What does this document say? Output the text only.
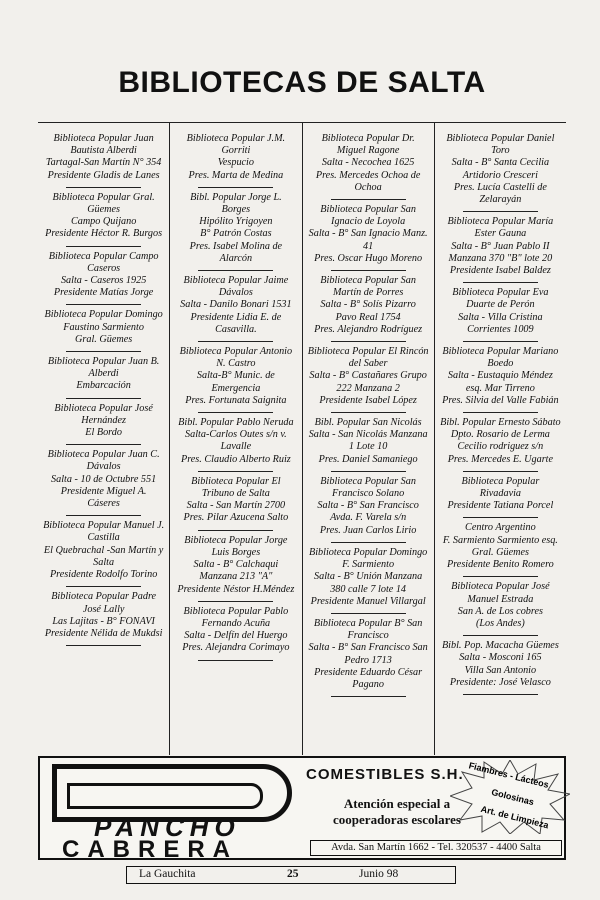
BIBLIOTECAS DE SALTA

Biblioteca Popular Juan

Bautista Alberdi

Tartagal-San Martín N° 354

Presidente Gladis de Lanes

Biblioteca Popular Gral.

Güemes

Campo Quijano

Presidente Héctor R. Burgos

Biblioteca Popular Campo

Caseros

Salta - Caseros 1925

Presidente Matías Jorge

Biblioteca Popular Domingo

Faustino Sarmiento

Gral. Güemes

Biblioteca Popular Juan B.

Alberdi

Embarcación

Biblioteca Popular José

Hernández

El Bordo

Biblioteca Popular Juan C.

Dávalos

Salta - 10 de Octubre 551

Presidente Miguel A.

Cáseres

Biblioteca Popular Manuel J.

Castilla

El Quebrachal -San Martín y

Salta

Presidente Rodolfo Torino

Biblioteca Popular Padre

José Lally

Las Lajitas - B° FONAVI

Presidente Nélida de Mukdsi

Biblioteca Popular J.M.

Gorriti

Vespucio

Pres. Marta de Medina

Bibl. Popular Jorge L.

Borges

Hipólito Yrigoyen

B° Patrón Costas

Pres. Isabel Molina de

Alarcón

Biblioteca Popular Jaime

Dávalos

Salta - Danilo Bonari 1531

Presidente Lidia E. de

Casavilla.

Biblioteca Popular Antonio

N. Castro

Salta-B° Munic. de

Emergencia

Pres. Fortunata Saignita

Bibl. Popular Pablo Neruda

Salta-Carlos Outes s/n v.

Lavalle

Pres. Claudio Alberto Ruiz

Biblioteca Popular El

Tribuno de Salta

Salta - San Martín 2700

Pres. Pilar Azucena Salto

Biblioteca Popular Jorge

Luis Borges

Salta - B° Calchaqui

Manzana 213 "A"

Presidente Néstor H.Méndez

Biblioteca Popular Pablo

Fernando Acuña

Salta - Delfín del Huergo

Pres. Alejandra Corimayo

Biblioteca Popular Dr.

Miguel Ragone

Salta - Necochea 1625

Pres. Mercedes Ochoa de

Ochoa

Biblioteca Popular San

Ignacio de Loyola

Salta - B° San Ignacio Manz.

41

Pres. Oscar Hugo Moreno

Biblioteca Popular San

Martín de Porres

Salta - B° Solís Pizarro

Pavo Real 1754

Pres. Alejandro Rodríguez

Biblioteca Popular El Rincón

del Saber

Salta - B° Castañares Grupo

222 Manzana 2

Presidente Isabel López

Bibl. Popular San Nicolás

Salta - San Nicolás Manzana

1 Lote 10

Pres. Daniel Samaniego

Biblioteca Popular San

Francisco Solano

Salta - B° San Francisco

Avda. F. Varela s/n

Pres. Juan Carlos Lirio

Biblioteca Popular Domingo

F. Sarmiento

Salta - B° Unión Manzana

380 calle 7 lote 14

Presidente Manuel Villargal

Biblioteca Popular B° San

Francisco

Salta - B° San Francisco San

Pedro 1713

Presidente Eduardo César

Pagano

Biblioteca Popular Daniel

Toro

Salta - B° Santa Cecilia

Artidorio Cresceri

Pres. Lucía Castelli de

Zelarayán

Biblioteca Popular María

Ester Gauna

Salta - B° Juan Pablo II

Manzana 370 "B" lote 20

Presidente Isabel Baldez

Biblioteca Popular Eva

Duarte de Perón

Salta - Villa Cristina

Corrientes 1009

Biblioteca Popular Mariano

Boedo

Salta - Eustaquio Méndez

esq. Mar Tirreno

Pres. Silvia del Valle Fabián

Bibl. Popular Ernesto Sábato

Dpto. Rosario de Lerma

Cecilio rodriguez s/n

Pres. Mercedes E. Ugarte

Biblioteca Popular

Rivadavia

Presidente Tatiana Porcel

Centro Argentino

F. Sarmiento Sarmiento esq.

Gral. Güemes

Presidente Benito Romero

Biblioteca Popular José

Manuel Estrada

San A. de Los cobres

(Los Andes)

Bibl. Pop. Macacha Güemes

Salta - Mosconi 165

Villa San Antonio

Presidente: José Velasco

PANCHO
CABRERA
COMESTIBLES S.H.
Atención especial a
cooperadoras escolares
Fiambres - Lácteos
Golosinas
Art. de Limpieza
Avda. San Martín 1662 - Tel. 320537 - 4400 Salta
La Gauchita	25	Junio 98
